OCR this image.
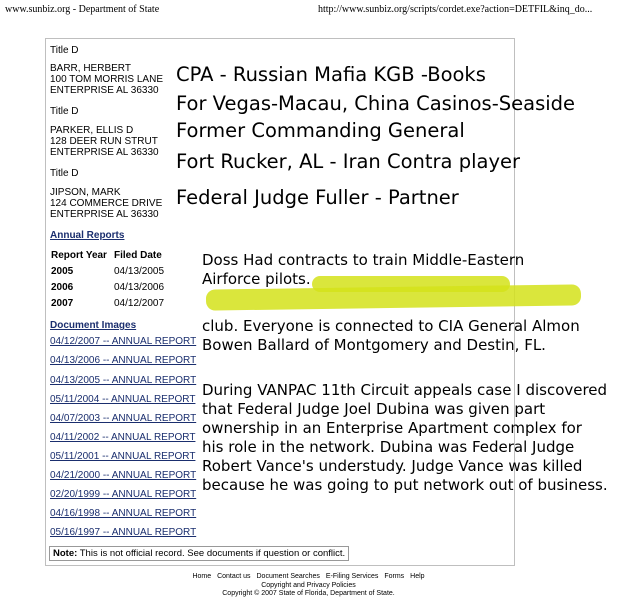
www.sunbiz.org - Department of State	http://www.sunbiz.org/scripts/cordet.exe?action=DETFIL&inq_do...
Title D
BARR, HERBERT
100 TOM MORRIS LANE
ENTERPRISE AL 36330
Title D
PARKER, ELLIS D
128 DEER RUN STRUT
ENTERPRISE AL 36330
Title D
JIPSON, MARK
124 COMMERCE DRIVE
ENTERPRISE AL 36330
CPA - Russian Mafia KGB -Books
For Vegas-Macau, China Casinos-Seaside
Former Commanding General
Fort Rucker, AL - Iran Contra player
Federal Judge Fuller - Partner
Annual Reports
Report Year Filed Date
2005	04/13/2005
2006	04/13/2006
2007	04/12/2007
Document Images
04/12/2007 -- ANNUAL REPORT
04/13/2006 -- ANNUAL REPORT
04/13/2005 -- ANNUAL REPORT
05/11/2004 -- ANNUAL REPORT
04/07/2003 -- ANNUAL REPORT
04/11/2002 -- ANNUAL REPORT
05/11/2001 -- ANNUAL REPORT
04/21/2000 -- ANNUAL REPORT
02/20/1999 -- ANNUAL REPORT
04/16/1998 -- ANNUAL REPORT
05/16/1997 -- ANNUAL REPORT
Doss Had contracts to train Middle-Eastern
Airforce pilots.
club. Everyone is connected to CIA General Almon
Bowen Ballard of Montgomery and Destin, FL.
During VANPAC 11th Circuit appeals case I discovered
that Federal Judge Joel Dubina was given part
ownership in an Enterprise Apartment complex for
his role in the network. Dubina was Federal Judge
Robert Vance's understudy. Judge Vance was killed
because he was going to put network out of business.
Note: This is not official record. See documents if question or conflict.
Home Contact us Document Searches E-Filing Services Forms Help
Copyright and Privacy Policies
Copyright © 2007 State of Florida, Department of State.
